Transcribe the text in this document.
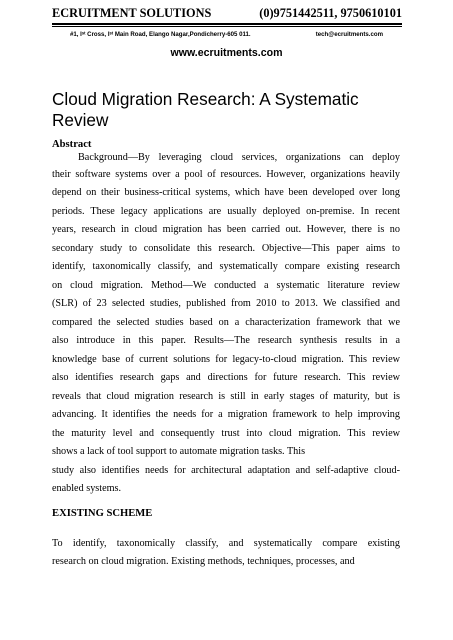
ECRUITMENT SOLUTIONS	(0)9751442511, 9750610101
#1, Iˢᵗ Cross, Iˢᵗ Main Road, Elango Nagar,Pondicherry-605 011.	tech@ecruitments.com
www.ecruitments.com
Cloud Migration Research: A Systematic
Review
Abstract
Background—By leveraging cloud services, organizations can deploy
their software systems over a pool of resources. However, organizations heavily
depend on their business-critical systems, which have been developed over long
periods. These legacy applications are usually deployed on-premise. In recent
years, research in cloud migration has been carried out. However, there is no
secondary study to consolidate this research. Objective—This paper aims to
identify, taxonomically classify, and systematically compare existing research
on cloud migration. Method—We conducted a systematic literature review
(SLR) of 23 selected studies, published from 2010 to 2013. We classified and
compared the selected studies based on a characterization framework that we
also introduce in this paper. Results—The research synthesis results in a
knowledge base of current solutions for legacy-to-cloud migration. This review
also identifies research gaps and directions for future research. This review
reveals that cloud migration research is still in early stages of maturity, but is
advancing. It identifies the needs for a migration framework to help improving
the maturity level and consequently trust into cloud migration. This review
shows a lack of tool support to automate migration tasks. This
study also identifies needs for architectural adaptation and self-adaptive cloud-
enabled systems.
EXISTING SCHEME
To identify, taxonomically classify, and systematically compare existing
research on cloud migration. Existing methods, techniques, processes, and
